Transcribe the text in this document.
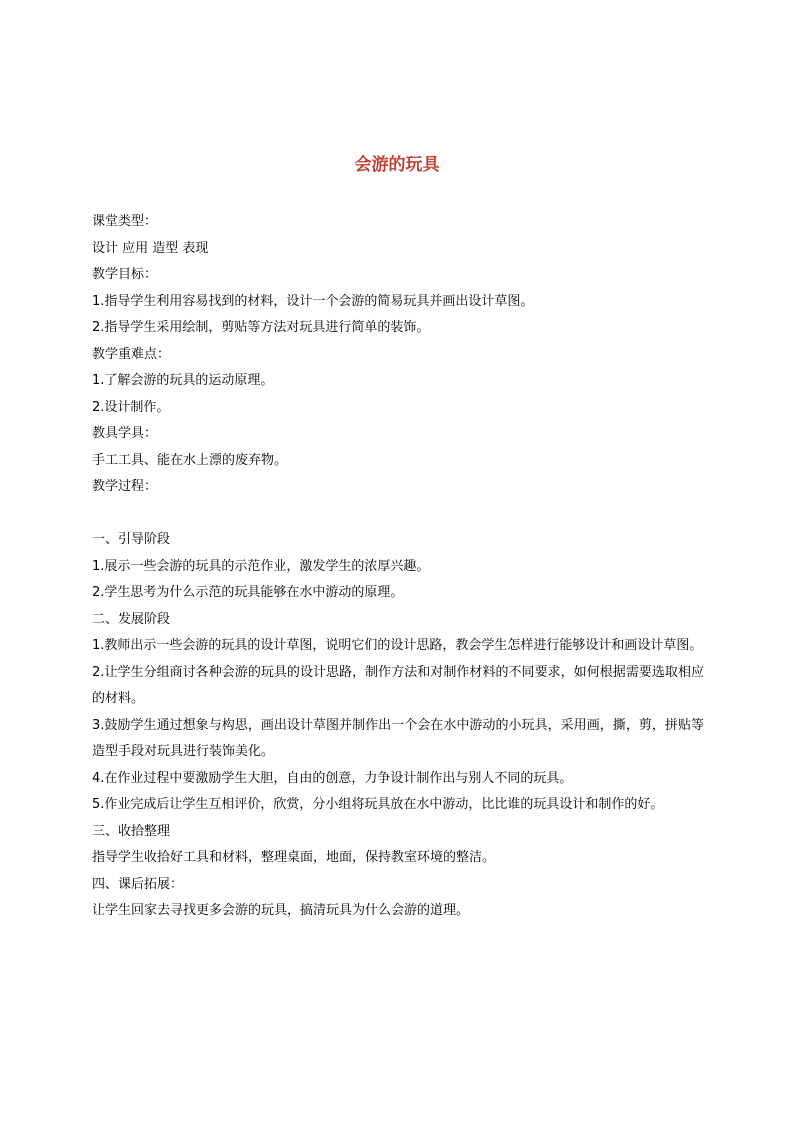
会游的玩具
课堂类型：
设计 应用 造型 表现
教学目标：
1.指导学生利用容易找到的材料，设计一个会游的简易玩具并画出设计草图。
2.指导学生采用绘制，剪贴等方法对玩具进行简单的装饰。
教学重难点：
1.了解会游的玩具的运动原理。
2.设计制作。
教具学具：
手工工具、能在水上漂的废弃物。
教学过程：
一、引导阶段
1.展示一些会游的玩具的示范作业，激发学生的浓厚兴趣。
2.学生思考为什么示范的玩具能够在水中游动的原理。
二、发展阶段
1.教师出示一些会游的玩具的设计草图，说明它们的设计思路，教会学生怎样进行能够设计和画设计草图。
2.让学生分组商讨各种会游的玩具的设计思路，制作方法和对制作材料的不同要求，如何根据需要选取相应的材料。
3.鼓励学生通过想象与构思，画出设计草图并制作出一个会在水中游动的小玩具，采用画，撕，剪，拼贴等造型手段对玩具进行装饰美化。
4.在作业过程中要激励学生大胆，自由的创意，力争设计制作出与别人不同的玩具。
5.作业完成后让学生互相评价，欣赏，分小组将玩具放在水中游动，比比谁的玩具设计和制作的好。
三、收拾整理
指导学生收拾好工具和材料，整理桌面，地面，保持教室环境的整洁。
四、课后拓展：
让学生回家去寻找更多会游的玩具，搞清玩具为什么会游的道理。
